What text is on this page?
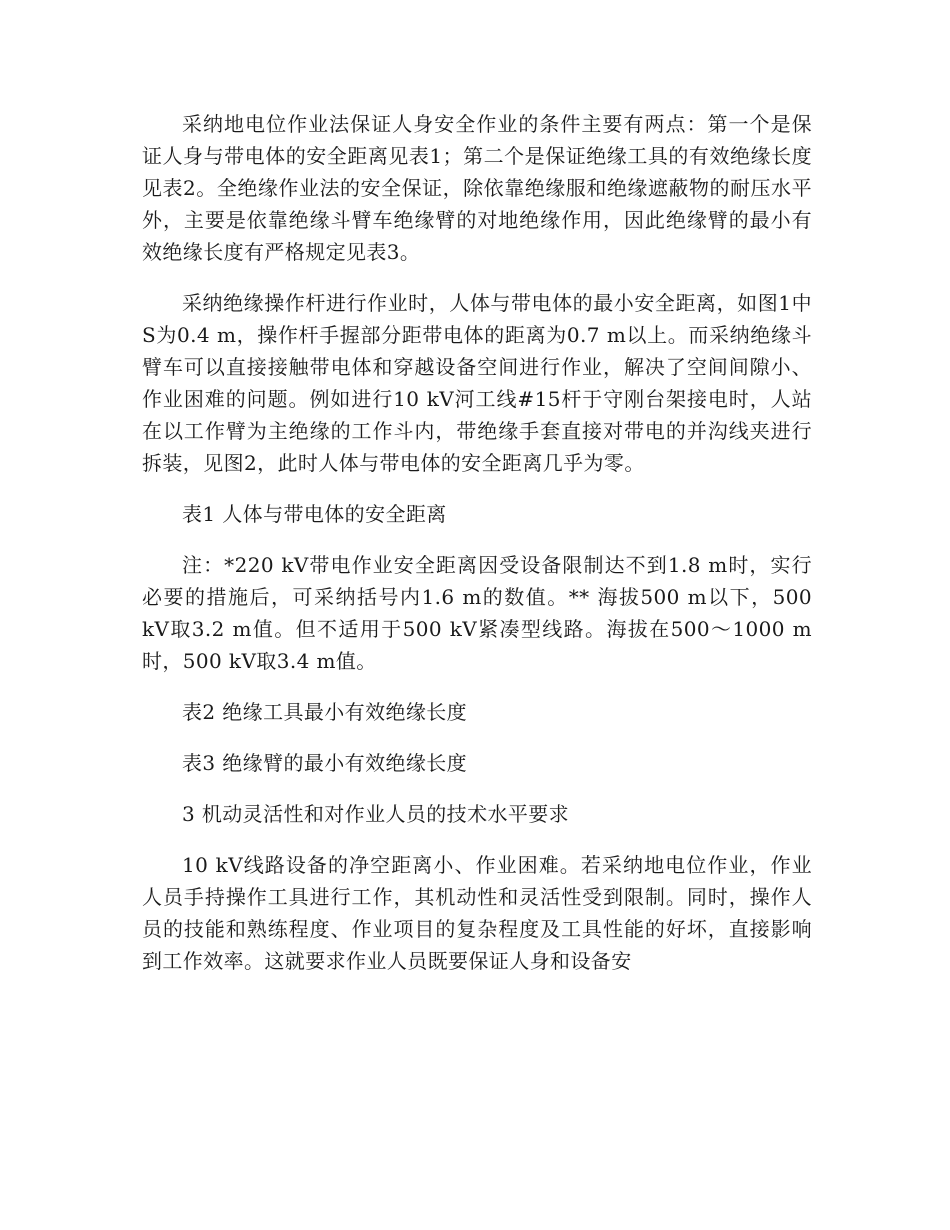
采纳地电位作业法保证人身安全作业的条件主要有两点：第一个是保证人身与带电体的安全距离见表1；第二个是保证绝缘工具的有效绝缘长度见表2。全绝缘作业法的安全保证，除依靠绝缘服和绝缘遮蔽物的耐压水平外，主要是依靠绝缘斗臂车绝缘臂的对地绝缘作用，因此绝缘臂的最小有效绝缘长度有严格规定见表3。

采纳绝缘操作杆进行作业时，人体与带电体的最小安全距离，如图1中S为0.4 m，操作杆手握部分距带电体的距离为0.7 m以上。而采纳绝缘斗臂车可以直接接触带电体和穿越设备空间进行作业，解决了空间间隙小、作业困难的问题。例如进行10 kV河工线#15杆于守刚台架接电时，人站在以工作臂为主绝缘的工作斗内，带绝缘手套直接对带电的并沟线夹进行拆装，见图2，此时人体与带电体的安全距离几乎为零。

表1 人体与带电体的安全距离

注：*220 kV带电作业安全距离因受设备限制达不到1.8 m时，实行必要的措施后，可采纳括号内1.6 m的数值。** 海拔500 m以下，500 kV取3.2 m值。但不适用于500 kV紧凑型线路。海拔在500～1000 m时，500 kV取3.4 m值。

表2 绝缘工具最小有效绝缘长度

表3 绝缘臂的最小有效绝缘长度

3 机动灵活性和对作业人员的技术水平要求

10 kV线路设备的净空距离小、作业困难。若采纳地电位作业，作业人员手持操作工具进行工作，其机动性和灵活性受到限制。同时，操作人员的技能和熟练程度、作业项目的复杂程度及工具性能的好坏，直接影响到工作效率。这就要求作业人员既要保证人身和设备安
